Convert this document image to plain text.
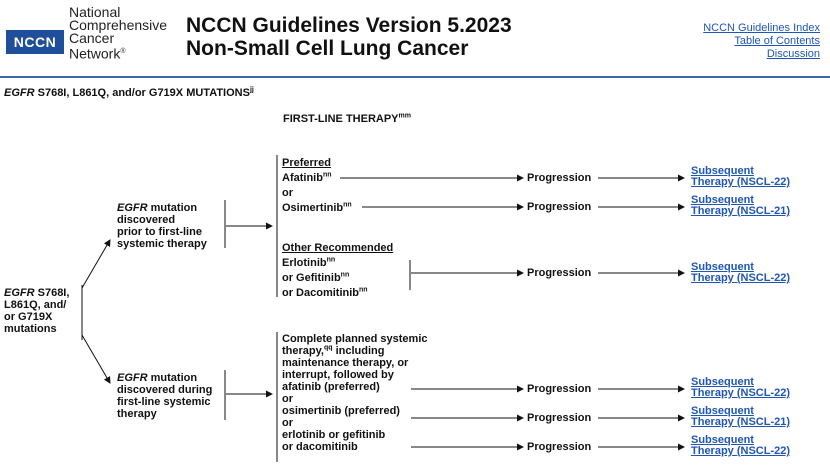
NCCN
National
Comprehensive
Cancer
Network®
NCCN Guidelines Version 5.2023
Non-Small Cell Lung Cancer
NCCN Guidelines Index
Table of Contents
Discussion
EGFR S768I, L861Q, and/or G719X $MUTATIONS^{jj}$
FIRST-LINE $THERAPY^{mm}$
EGFR S768I,
L861Q, and/
or G719X
mutations
EGFR mutation
discovered
prior to first-line
systemic therapy
EGFR mutation
discovered during
first-line systemic
therapy
Preferred
Afatinib$^{nn}$
or
Osimertinib$^{nn}$
Other Recommended
Erlotinib$^{nn}$
or Gefitinib$^{nn}$
or Dacomitinib$^{nn}$
Complete planned systemic
therapy,$^{qq}$ including
maintenance therapy, or
interrupt, followed by
afatinib (preferred)
or
osimertinib (preferred)
or
erlotinib or gefitinib
or dacomitinib
Progression
Progression
Progression
Progression
Progression
Progression
Subsequent
Therapy (NSCL-22)
Subsequent
Therapy (NSCL-21)
Subsequent
Therapy (NSCL-22)
Subsequent
Therapy (NSCL-22)
Subsequent
Therapy (NSCL-21)
Subsequent
Therapy (NSCL-22)
